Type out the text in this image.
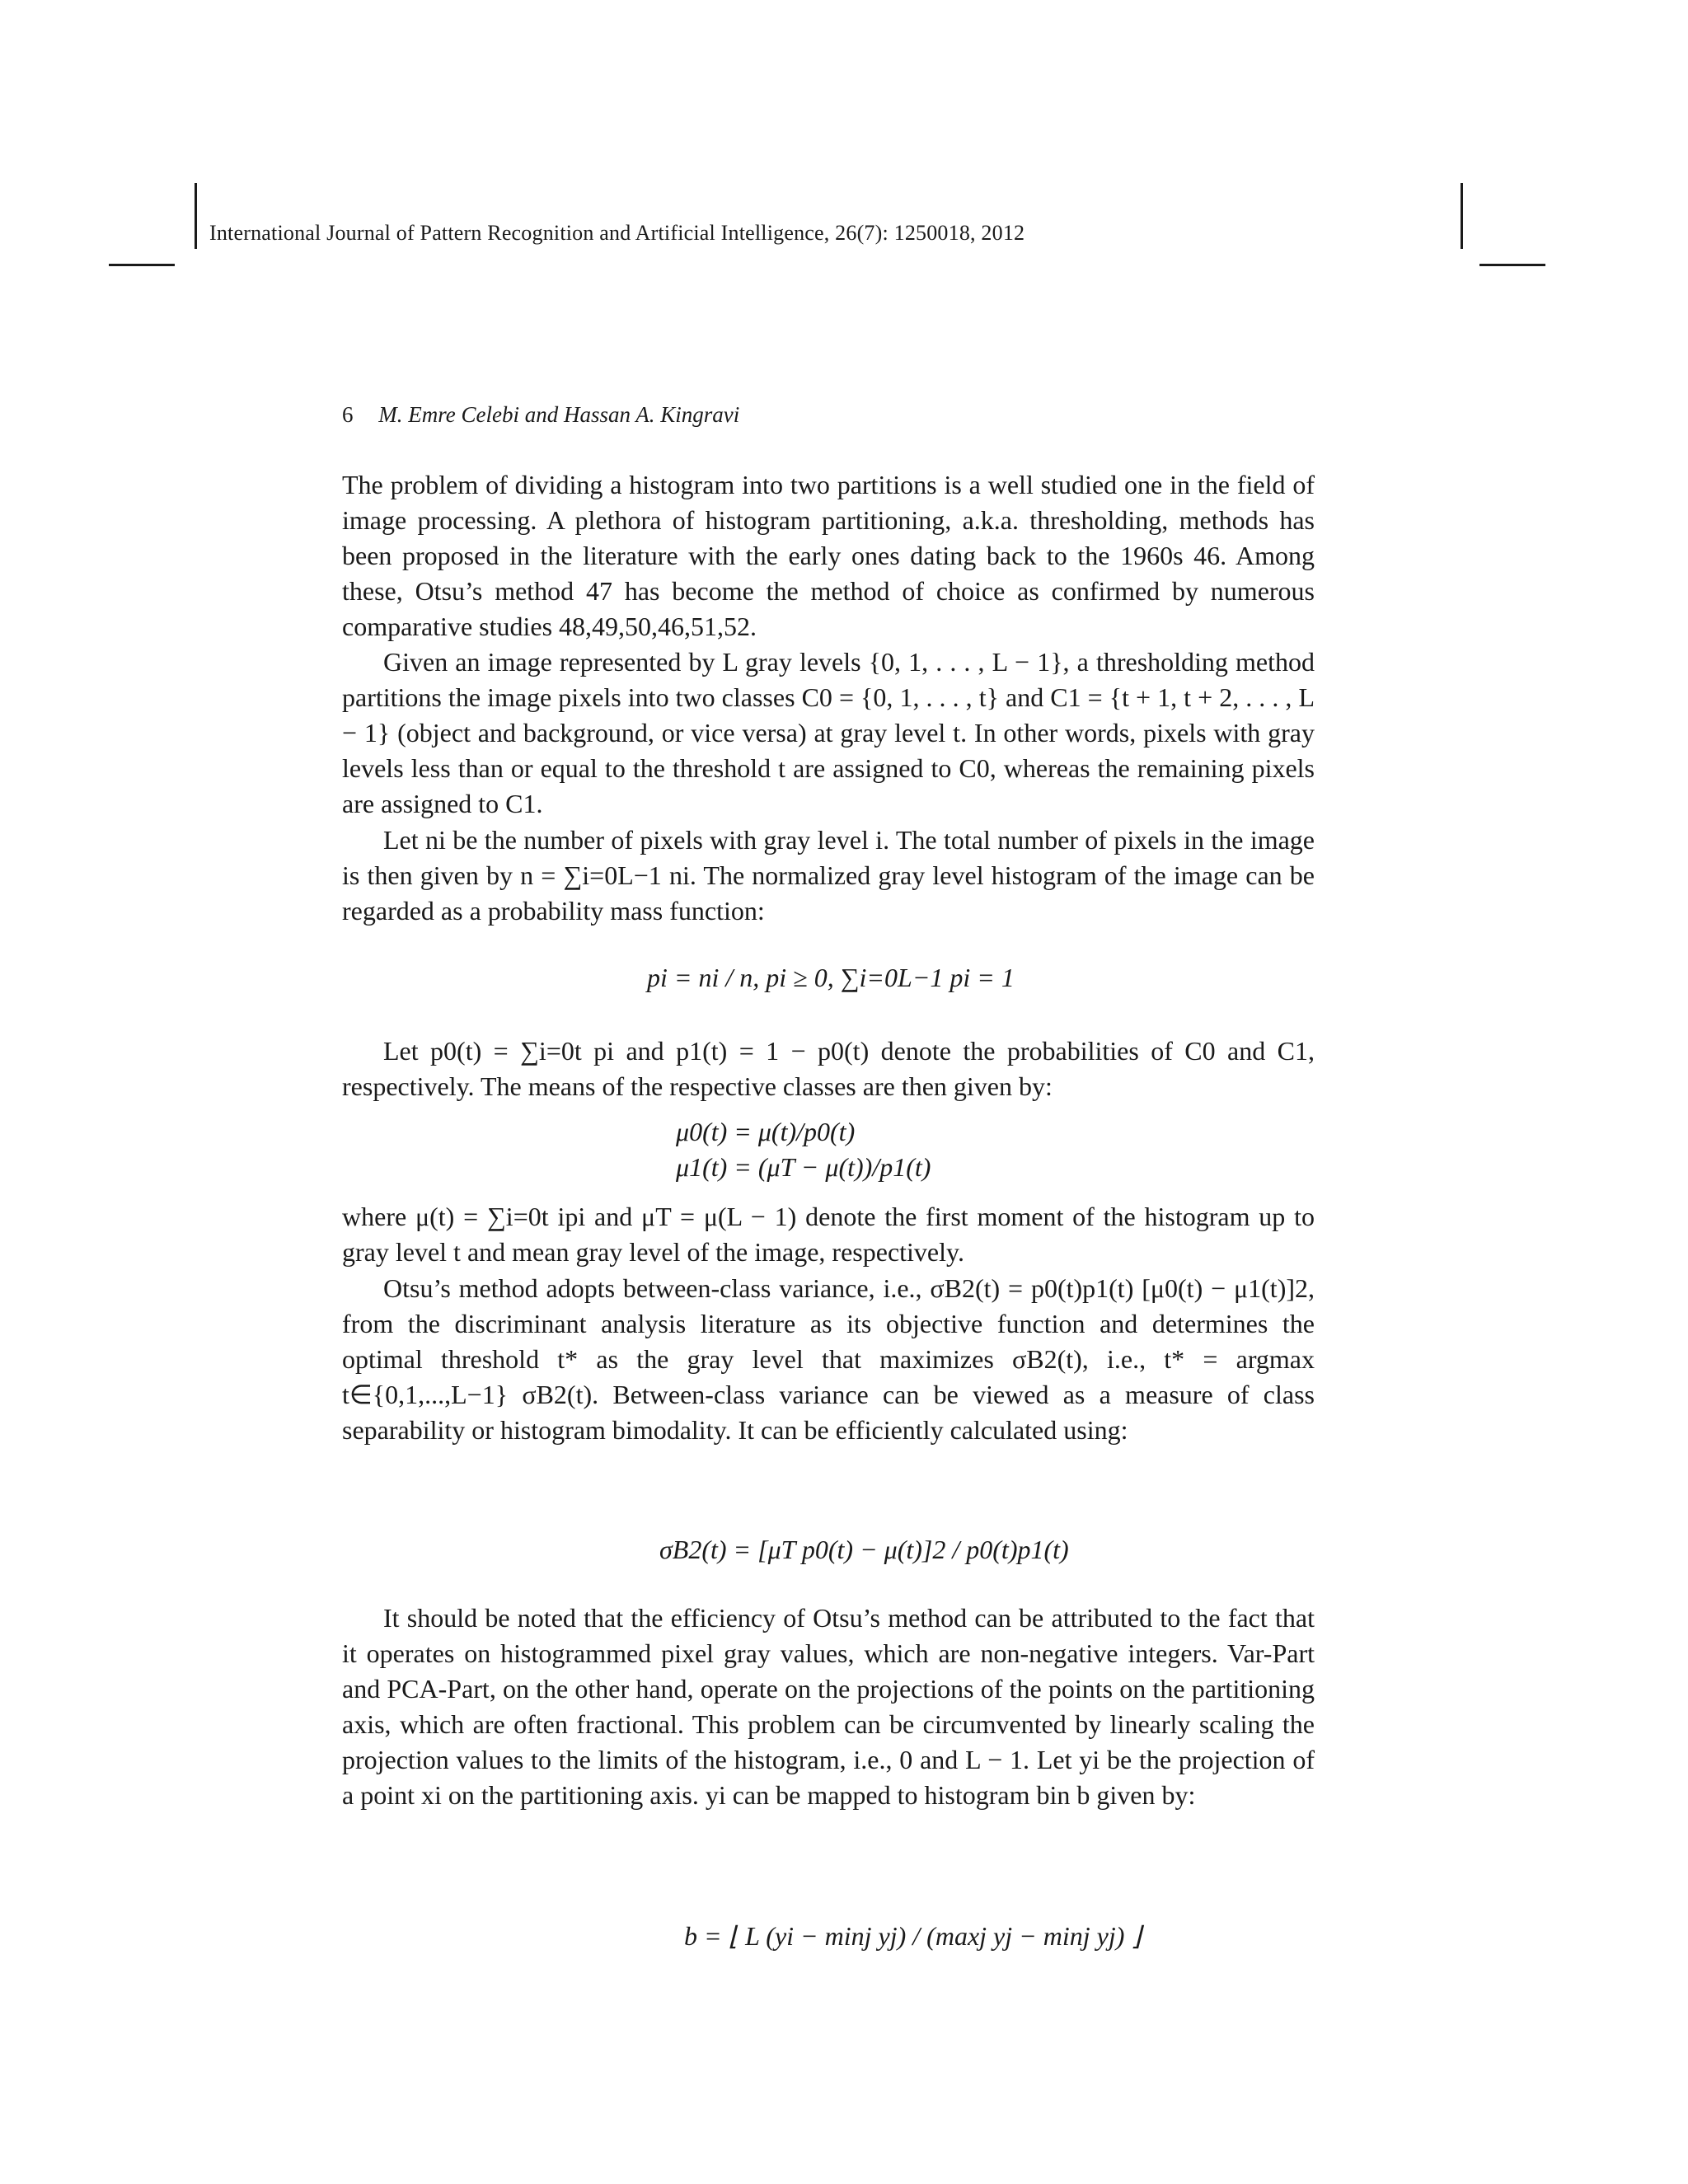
International Journal of Pattern Recognition and Artificial Intelligence, 26(7): 1250018, 2012
6 M. Emre Celebi and Hassan A. Kingravi
The problem of dividing a histogram into two partitions is a well studied one in the field of image processing. A plethora of histogram partitioning, a.k.a. thresholding, methods has been proposed in the literature with the early ones dating back to the 1960s 46. Among these, Otsu’s method 47 has become the method of choice as confirmed by numerous comparative studies 48,49,50,46,51,52.
Given an image represented by L gray levels {0, 1, . . . , L − 1}, a thresholding method partitions the image pixels into two classes C0 = {0, 1, . . . , t} and C1 = {t + 1, t + 2, . . . , L − 1} (object and background, or vice versa) at gray level t. In other words, pixels with gray levels less than or equal to the threshold t are assigned to C0, whereas the remaining pixels are assigned to C1.
Let ni be the number of pixels with gray level i. The total number of pixels in the image is then given by n = ∑i=0L−1 ni. The normalized gray level histogram of the image can be regarded as a probability mass function:
pi = ni / n, pi ≥ 0, ∑i=0L−1 pi = 1
Let p0(t) = ∑i=0t pi and p1(t) = 1 − p0(t) denote the probabilities of C0 and C1, respectively. The means of the respective classes are then given by:
μ0(t) = μ(t)/p0(t)
μ1(t) = (μT − μ(t))/p1(t)
where μ(t) = ∑i=0t ipi and μT = μ(L − 1) denote the first moment of the histogram up to gray level t and mean gray level of the image, respectively.
Otsu’s method adopts between-class variance, i.e., σB2(t) = p0(t)p1(t) [μ0(t) − μ1(t)]2, from the discriminant analysis literature as its objective function and determines the optimal threshold t* as the gray level that maximizes σB2(t), i.e., t* = argmax t∈{0,1,...,L−1} σB2(t). Between-class variance can be viewed as a measure of class separability or histogram bimodality. It can be efficiently calculated using:
σB2(t) = [μT p0(t) − μ(t)]2 / p0(t)p1(t)
It should be noted that the efficiency of Otsu’s method can be attributed to the fact that it operates on histogrammed pixel gray values, which are non-negative integers. Var-Part and PCA-Part, on the other hand, operate on the projections of the points on the partitioning axis, which are often fractional. This problem can be circumvented by linearly scaling the projection values to the limits of the histogram, i.e., 0 and L − 1. Let yi be the projection of a point xi on the partitioning axis. yi can be mapped to histogram bin b given by:
b = ⌊ L (yi − minj yj) / (maxj yj − minj yj) ⌋
